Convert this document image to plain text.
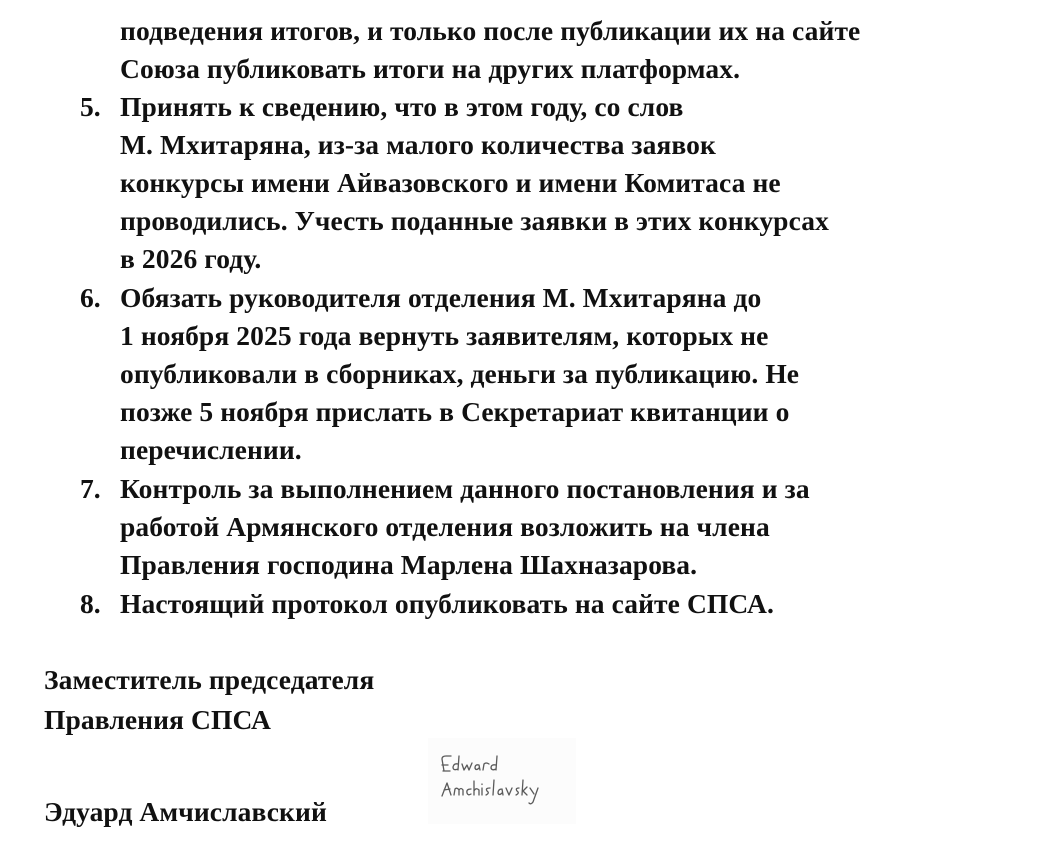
подведения итогов, и только после публикации их на сайте
Союза публиковать итоги на других платформах.
5. Принять к сведению, что в этом году, со слов
М. Мхитаряна, из-за малого количества заявок
конкурсы имени Айвазовского и имени Комитаса не
проводились. Учесть поданные заявки в этих конкурсах
в 2026 году.
6. Обязать руководителя отделения М. Мхитаряна до
1 ноября 2025 года вернуть заявителям, которых не
опубликовали в сборниках, деньги за публикацию. Не
позже 5 ноября прислать в Секретариат квитанции о
перечислении.
7. Контроль за выполнением данного постановления и за
работой Армянского отделения возложить на члена
Правления господина Марлена Шахназарова.
8. Настоящий протокол опубликовать на сайте СПСА.
Заместитель председателя
Правления СПСА
Эдуард Амчиславский
